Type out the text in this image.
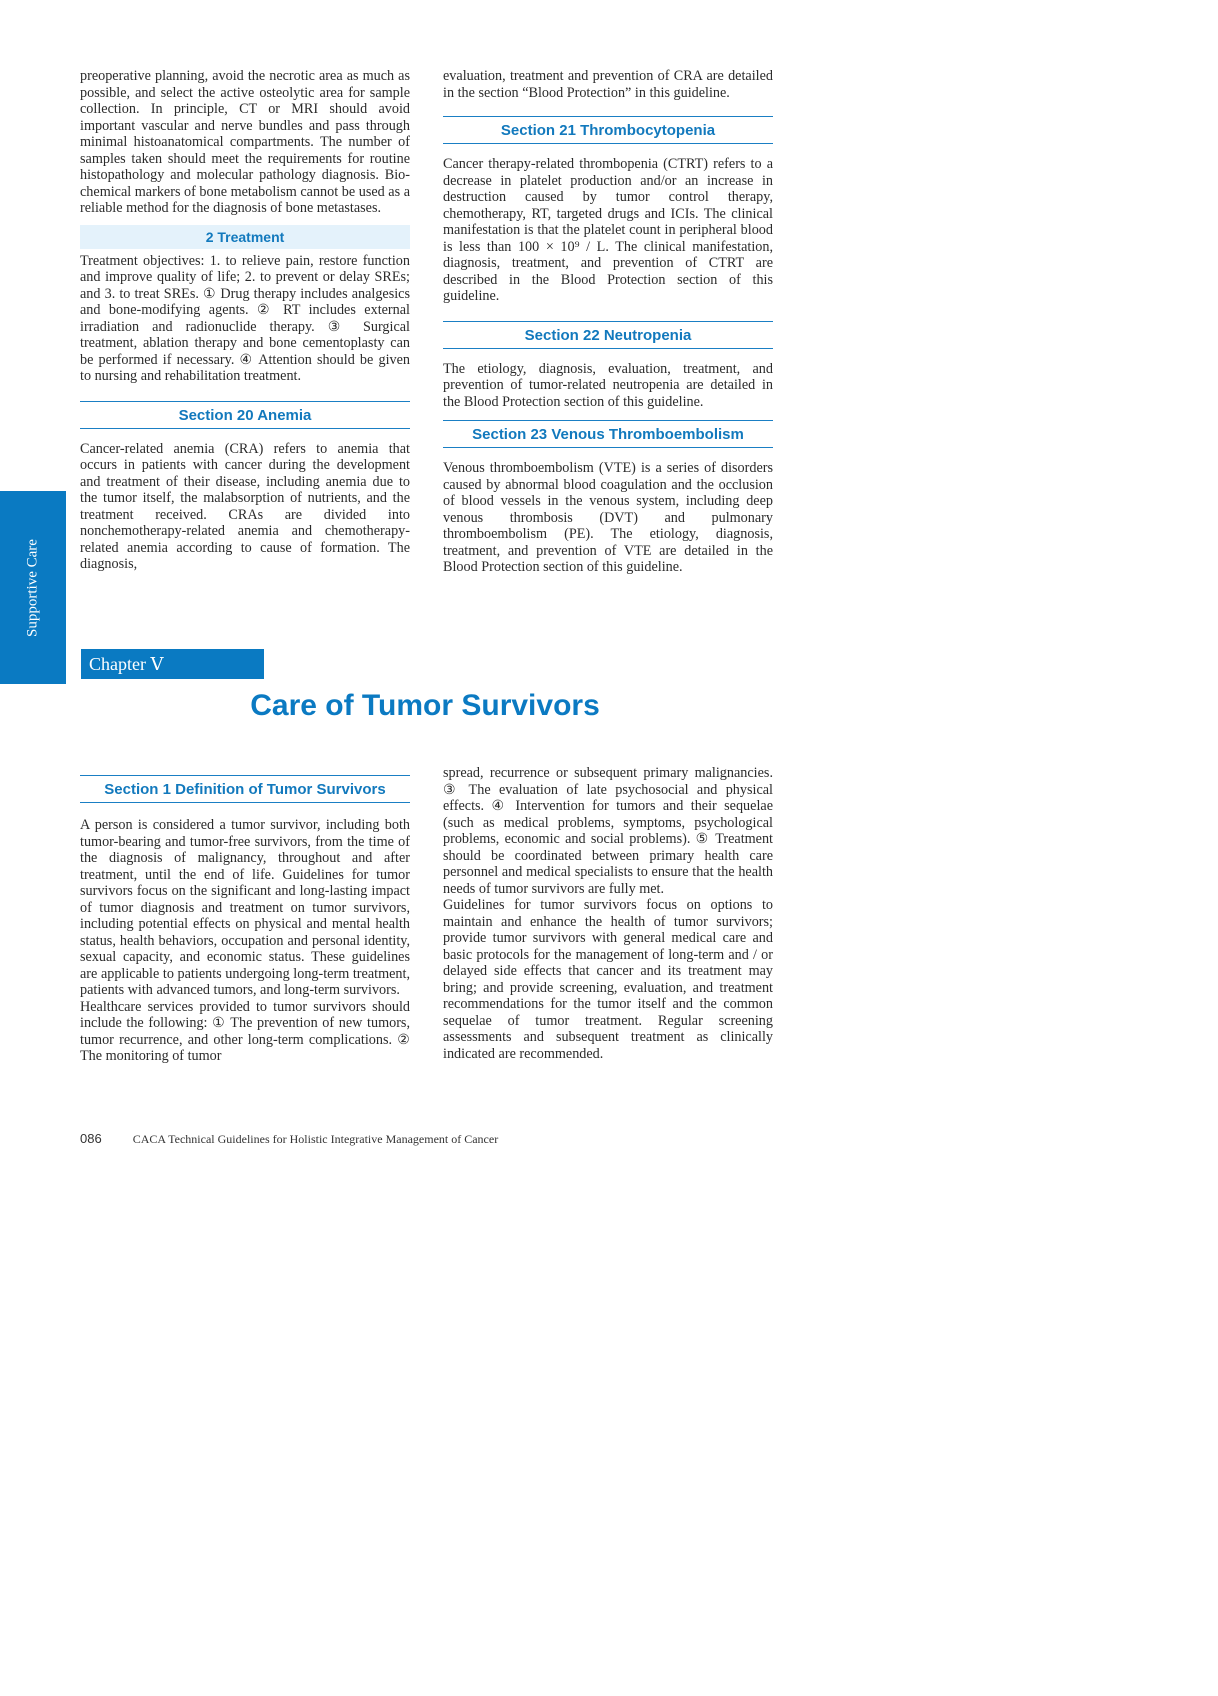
Supportive Care

preoperative planning, avoid the necrotic area as much as possible, and select the active osteolytic area for sample collection. In principle, CT or MRI should avoid important vascular and nerve bundles and pass through minimal histoanatomical compartments. The number of samples taken should meet the requirements for routine histopathology and molecular pathology diagnosis. Biochemical markers of bone metabolism cannot be used as a reliable method for the diagnosis of bone metastases.

2 Treatment

Treatment objectives: 1. to relieve pain, restore function and improve quality of life; 2. to prevent or delay SREs; and 3. to treat SREs. ① Drug therapy includes analgesics and bone-modifying agents. ② RT includes external irradiation and radionuclide therapy. ③ Surgical treatment, ablation therapy and bone cementoplasty can be performed if necessary. ④ Attention should be given to nursing and rehabilitation treatment.

Section 20 Anemia

Cancer-related anemia (CRA) refers to anemia that occurs in patients with cancer during the development and treatment of their disease, including anemia due to the tumor itself, the malabsorption of nutrients, and the treatment received. CRAs are divided into nonchemotherapy-related anemia and chemotherapy-related anemia according to cause of formation. The diagnosis,

evaluation, treatment and prevention of CRA are detailed in the section “Blood Protection” in this guideline.

Section 21 Thrombocytopenia

Cancer therapy-related thrombopenia (CTRT) refers to a decrease in platelet production and/or an increase in destruction caused by tumor control therapy, chemotherapy, RT, targeted drugs and ICIs. The clinical manifestation is that the platelet count in peripheral blood is less than 100 × 10⁹ / L. The clinical manifestation, diagnosis, treatment, and prevention of CTRT are described in the Blood Protection section of this guideline.

Section 22 Neutropenia

The etiology, diagnosis, evaluation, treatment, and prevention of tumor-related neutropenia are detailed in the Blood Protection section of this guideline.

Section 23 Venous Thromboembolism

Venous thromboembolism (VTE) is a series of disorders caused by abnormal blood coagulation and the occlusion of blood vessels in the venous system, including deep venous thrombosis (DVT) and pulmonary thromboembolism (PE). The etiology, diagnosis, treatment, and prevention of VTE are detailed in the Blood Protection section of this guideline.

Chapter Ⅴ
Care of Tumor Survivors
Section 1 Definition of Tumor Survivors

A person is considered a tumor survivor, including both tumor-bearing and tumor-free survivors, from the time of the diagnosis of malignancy, throughout and after treatment, until the end of life. Guidelines for tumor survivors focus on the significant and long-lasting impact of tumor diagnosis and treatment on tumor survivors, including potential effects on physical and mental health status, health behaviors, occupation and personal identity, sexual capacity, and economic status. These guidelines are applicable to patients undergoing long-term treatment, patients with advanced tumors, and long-term survivors.

Healthcare services provided to tumor survivors should include the following: ① The prevention of new tumors, tumor recurrence, and other long-term complications. ② The monitoring of tumor

spread, recurrence or subsequent primary malignancies. ③ The evaluation of late psychosocial and physical effects. ④ Intervention for tumors and their sequelae (such as medical problems, symptoms, psychological problems, economic and social problems). ⑤ Treatment should be coordinated between primary health care personnel and medical specialists to ensure that the health needs of tumor survivors are fully met.

Guidelines for tumor survivors focus on options to maintain and enhance the health of tumor survivors; provide tumor survivors with general medical care and basic protocols for the management of long-term and / or delayed side effects that cancer and its treatment may bring; and provide screening, evaluation, and treatment recommendations for the tumor itself and the common sequelae of tumor treatment. Regular screening assessments and subsequent treatment as clinically indicated are recommended.

086	CACA Technical Guidelines for Holistic Integrative Management of Cancer
